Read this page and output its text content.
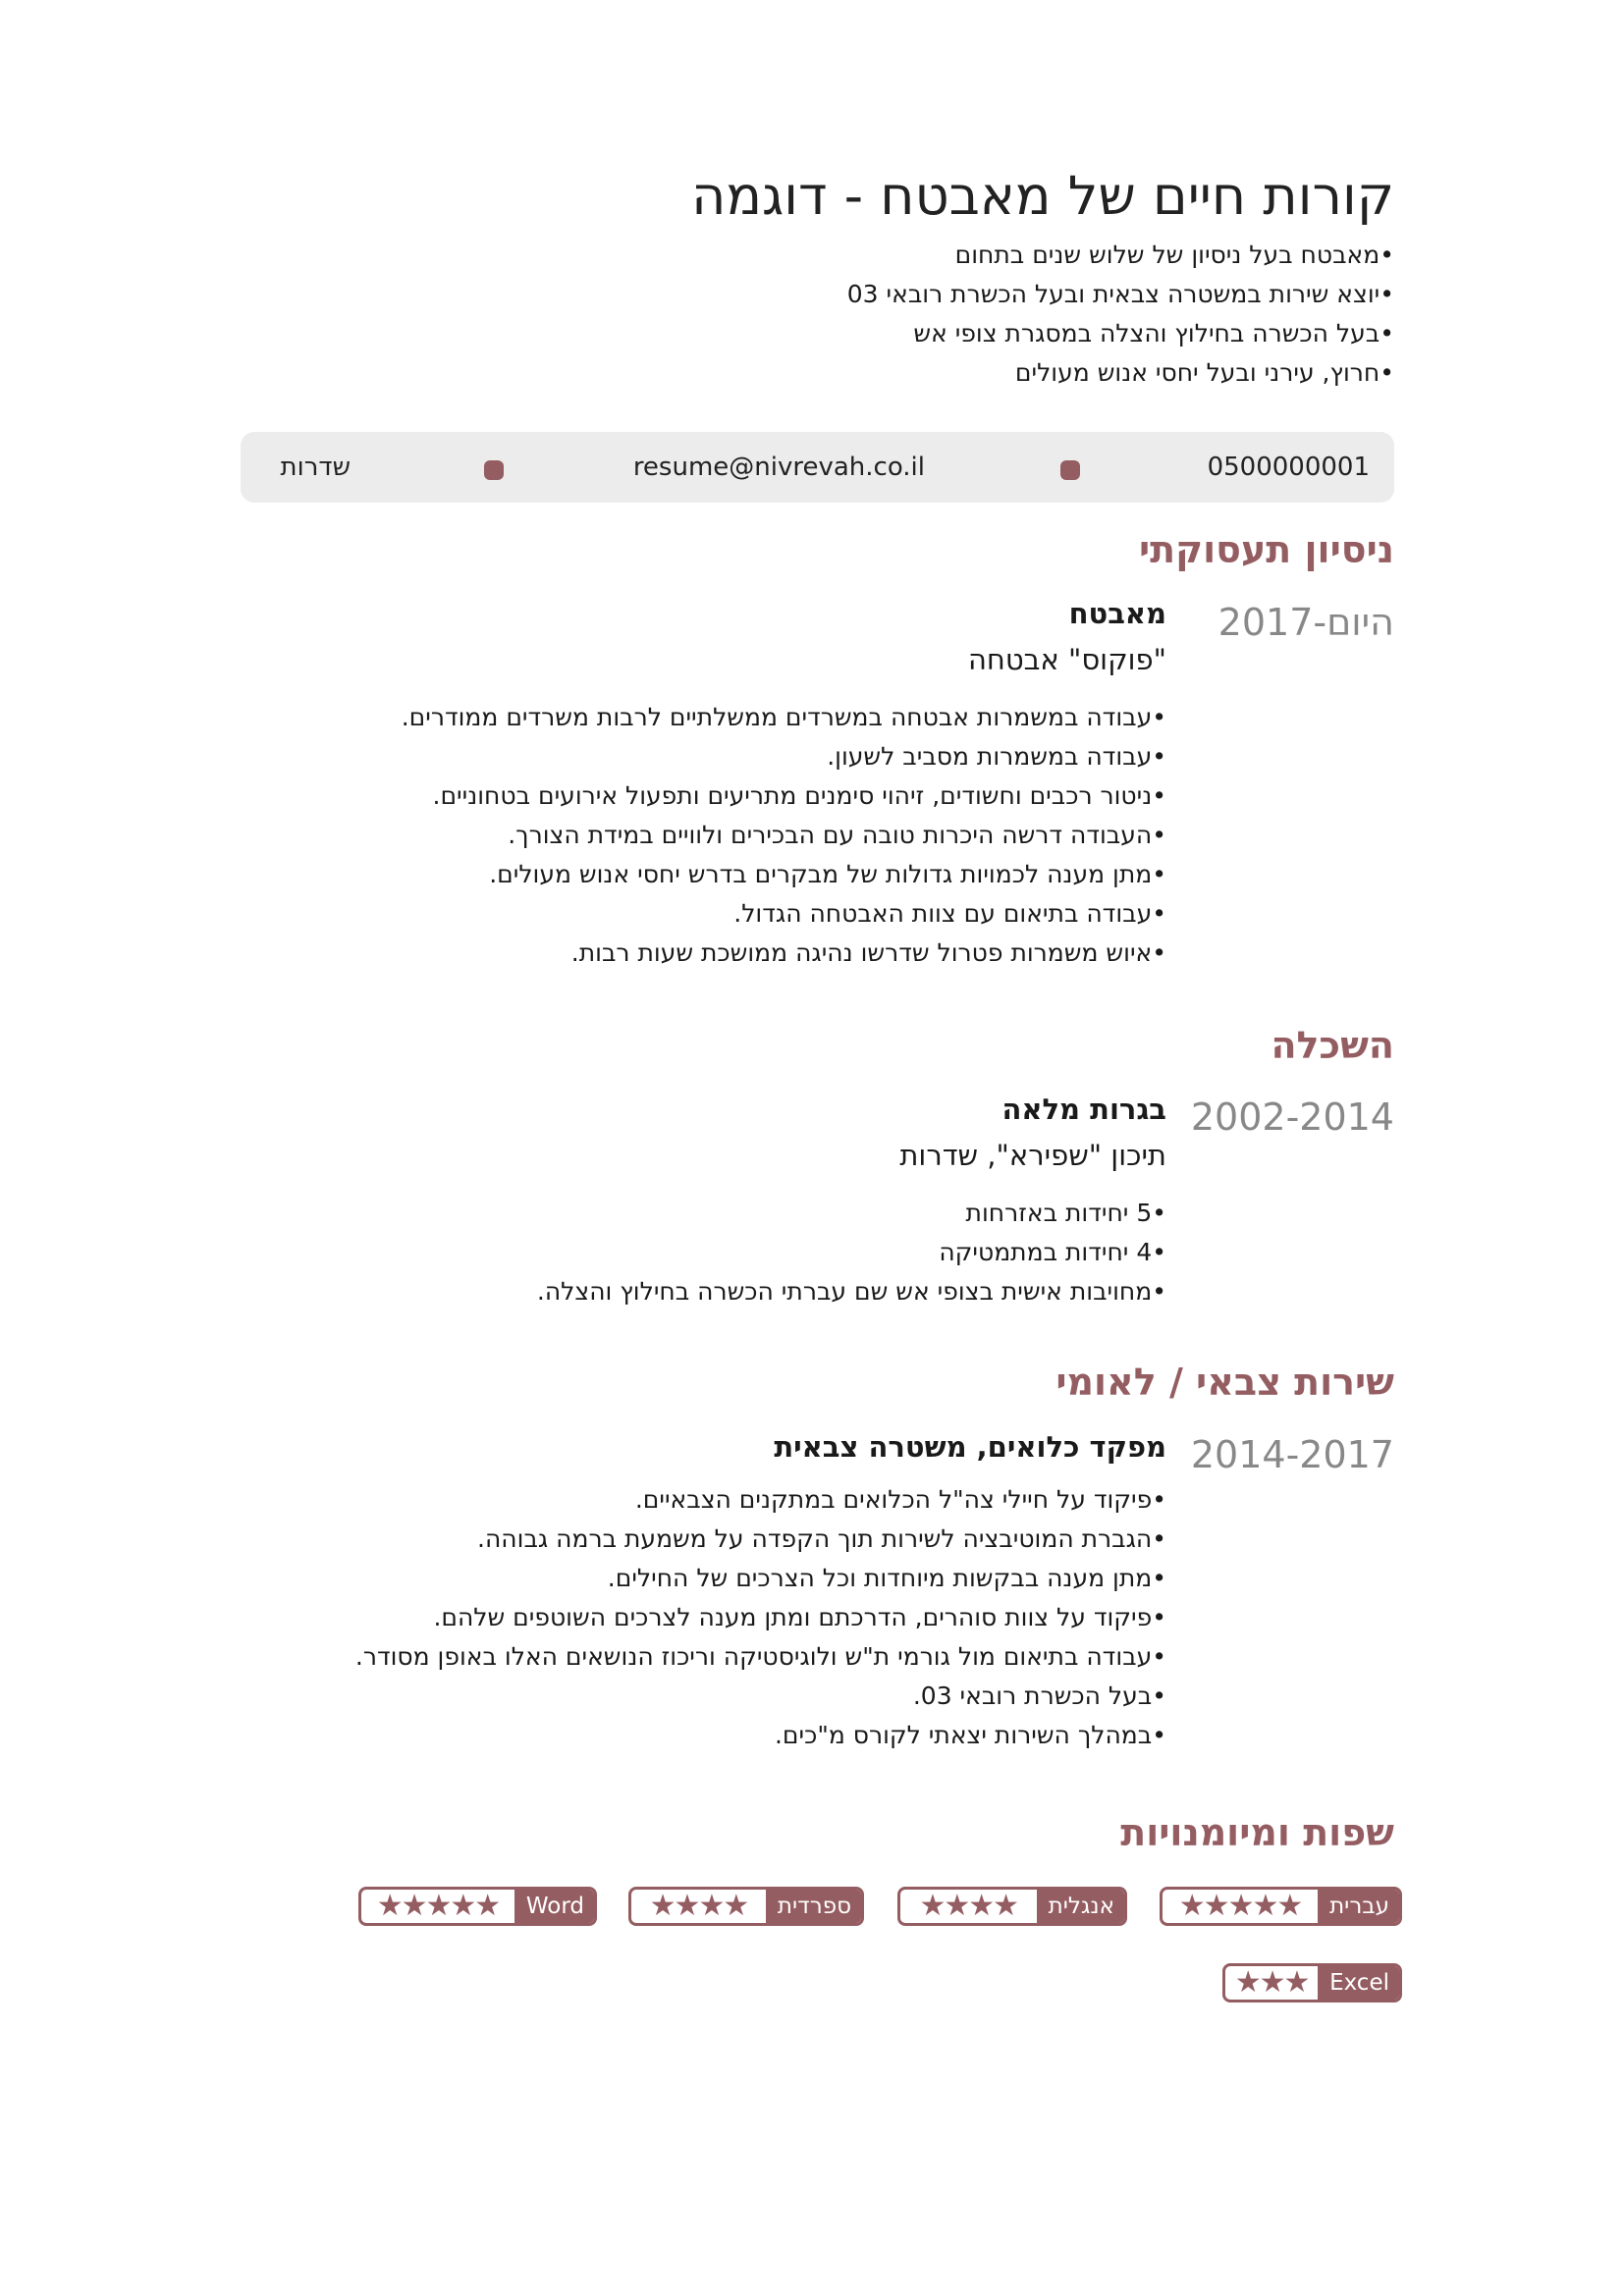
קורות חיים של מאבטח - דוגמה
• מאבטח בעל ניסיון של שלוש שנים בתחום
• יוצא שירות במשטרה צבאית ובעל הכשרת רובאי 03
• בעל הכשרה בחילוץ והצלה במסגרת צופי אש
• חרוץ, עירני ובעל יחסי אנוש מעולים
0500000001
resume@nivrevah.co.il
שדרות
ניסיון תעסוקתי
2017-היום
מאבטח
"פוקוס" אבטחה
• עבודה במשמרות אבטחה במשרדים ממשלתיים לרבות משרדים ממודרים.
• עבודה במשמרות מסביב לשעון.
• ניטור רכבים וחשודים, זיהוי סימנים מתריעים ותפעול אירועים בטחוניים.
• העבודה דרשה היכרות טובה עם הבכירים ולוויים במידת הצורך.
• מתן מענה לכמויות גדולות של מבקרים בדרש יחסי אנוש מעולים.
• עבודה בתיאום עם צוות האבטחה הגדול.
• איוש משמרות פטרול שדרשו נהיגה ממושכת שעות רבות.
השכלה
2002-2014
בגרות מלאה
תיכון "שפירא", שדרות
• 5 יחידות באזרחות
• 4 יחידות במתמטיקה
• מחויבות אישית בצופי אש שם עברתי הכשרה בחילוץ והצלה.
שירות צבאי / לאומי
2014-2017
מפקד כלואים, משטרה צבאית
• פיקוד על חיילי צה"ל הכלואים במתקנים הצבאיים.
• הגברת המוטיבציה לשירות תוך הקפדה על משמעת ברמה גבוהה.
• מתן מענה בבקשות מיוחדות וכל הצרכים של החילים.
• פיקוד על צוות סוהרים, הדרכתם ומתן מענה לצרכים השוטפים שלהם.
• עבודה בתיאום מול גורמי ת"ש ולוגיסטיקה וריכוז הנושאים האלו באופן מסודר.
• בעל הכשרת רובאי 03.
• במהלך השירות יצאתי לקורס מ"כים.
שפות ומיומנויות
עברית
★★★★★
אנגלית
★★★★
ספרדית
★★★★
Word
★★★★★
Excel
★★★
